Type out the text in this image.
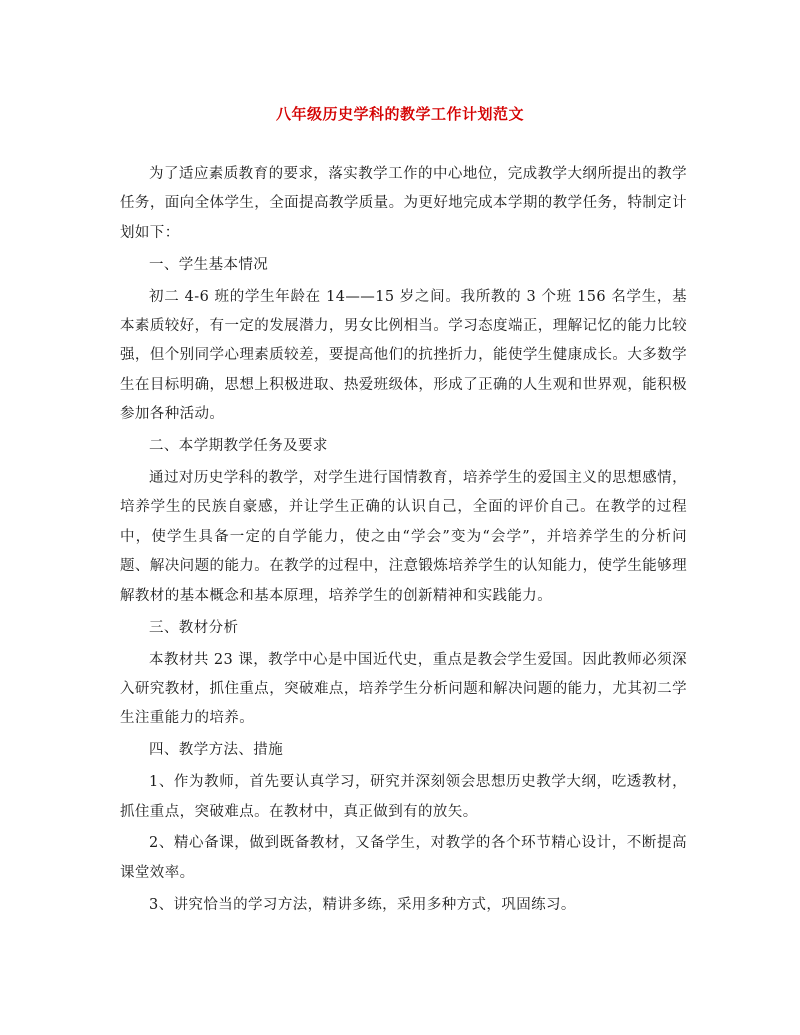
八年级历史学科的教学工作计划范文

为了适应素质教育的要求，落实教学工作的中心地位，完成教学大纲所提出的教学任务，面向全体学生，全面提高教学质量。为更好地完成本学期的教学任务，特制定计划如下：

一、学生基本情况

初二 4-6 班的学生年龄在 14——15 岁之间。我所教的 3 个班 156 名学生，基本素质较好，有一定的发展潜力，男女比例相当。学习态度端正，理解记忆的能力比较强，但个别同学心理素质较差，要提高他们的抗挫折力，能使学生健康成长。大多数学生在目标明确，思想上积极进取、热爱班级体，形成了正确的人生观和世界观，能积极参加各种活动。

二、本学期教学任务及要求

通过对历史学科的教学，对学生进行国情教育，培养学生的爱国主义的思想感情，培养学生的民族自豪感，并让学生正确的认识自己，全面的评价自己。在教学的过程中，使学生具备一定的自学能力，使之由“学会”变为“会学”，并培养学生的分析问题、解决问题的能力。在教学的过程中，注意锻炼培养学生的认知能力，使学生能够理解教材的基本概念和基本原理，培养学生的创新精神和实践能力。

三、教材分析

本教材共 23 课，教学中心是中国近代史，重点是教会学生爱国。因此教师必须深入研究教材，抓住重点，突破难点，培养学生分析问题和解决问题的能力，尤其初二学生注重能力的培养。

四、教学方法、措施

1、作为教师，首先要认真学习，研究并深刻领会思想历史教学大纲，吃透教材，抓住重点，突破难点。在教材中，真正做到有的放矢。

2、精心备课，做到既备教材，又备学生，对教学的各个环节精心设计，不断提高课堂效率。

3、讲究恰当的学习方法，精讲多练，采用多种方式，巩固练习。
